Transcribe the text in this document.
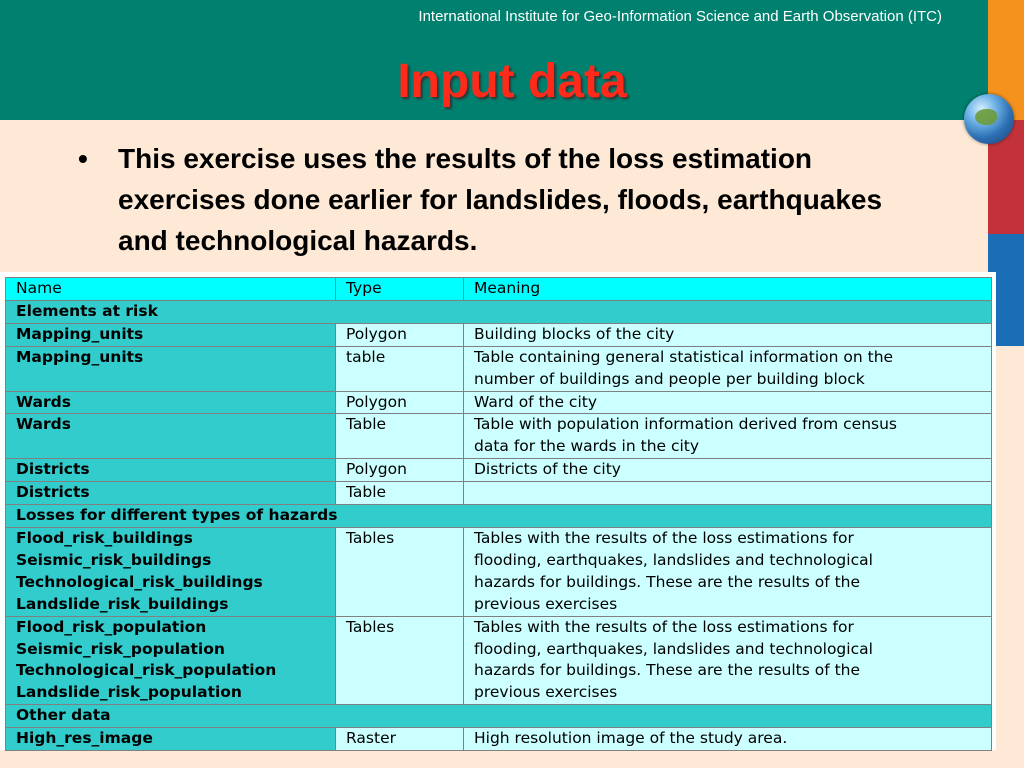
International Institute for Geo-Information Science and Earth Observation (ITC)
Input data
• This exercise uses the results of the loss estimation exercises done earlier for landslides, floods, earthquakes and technological hazards.
Name	Type	Meaning
Elements at risk		

Mapping_units	Polygon	Building blocks of the city

Mapping_units	table	Table containing general statistical information on the
number of buildings and people per building block

Wards	Polygon	Ward of the city

Wards	Table	Table with population information derived from census
data for the wards in the city

Districts	Polygon	Districts of the city

Districts	Table	

Losses for different types of hazards		

Flood_risk_buildings
Seismic_risk_buildings
Technological_risk_buildings
Landslide_risk_buildings	Tables	Tables with the results of the loss estimations for
flooding, earthquakes, landslides and technological
hazards for buildings. These are the results of the
previous exercises

Flood_risk_population
Seismic_risk_population
Technological_risk_population
Landslide_risk_population	Tables	Tables with the results of the loss estimations for
flooding, earthquakes, landslides and technological
hazards for buildings. These are the results of the
previous exercises

Other data		

High_res_image	Raster	High resolution image of the study area.
